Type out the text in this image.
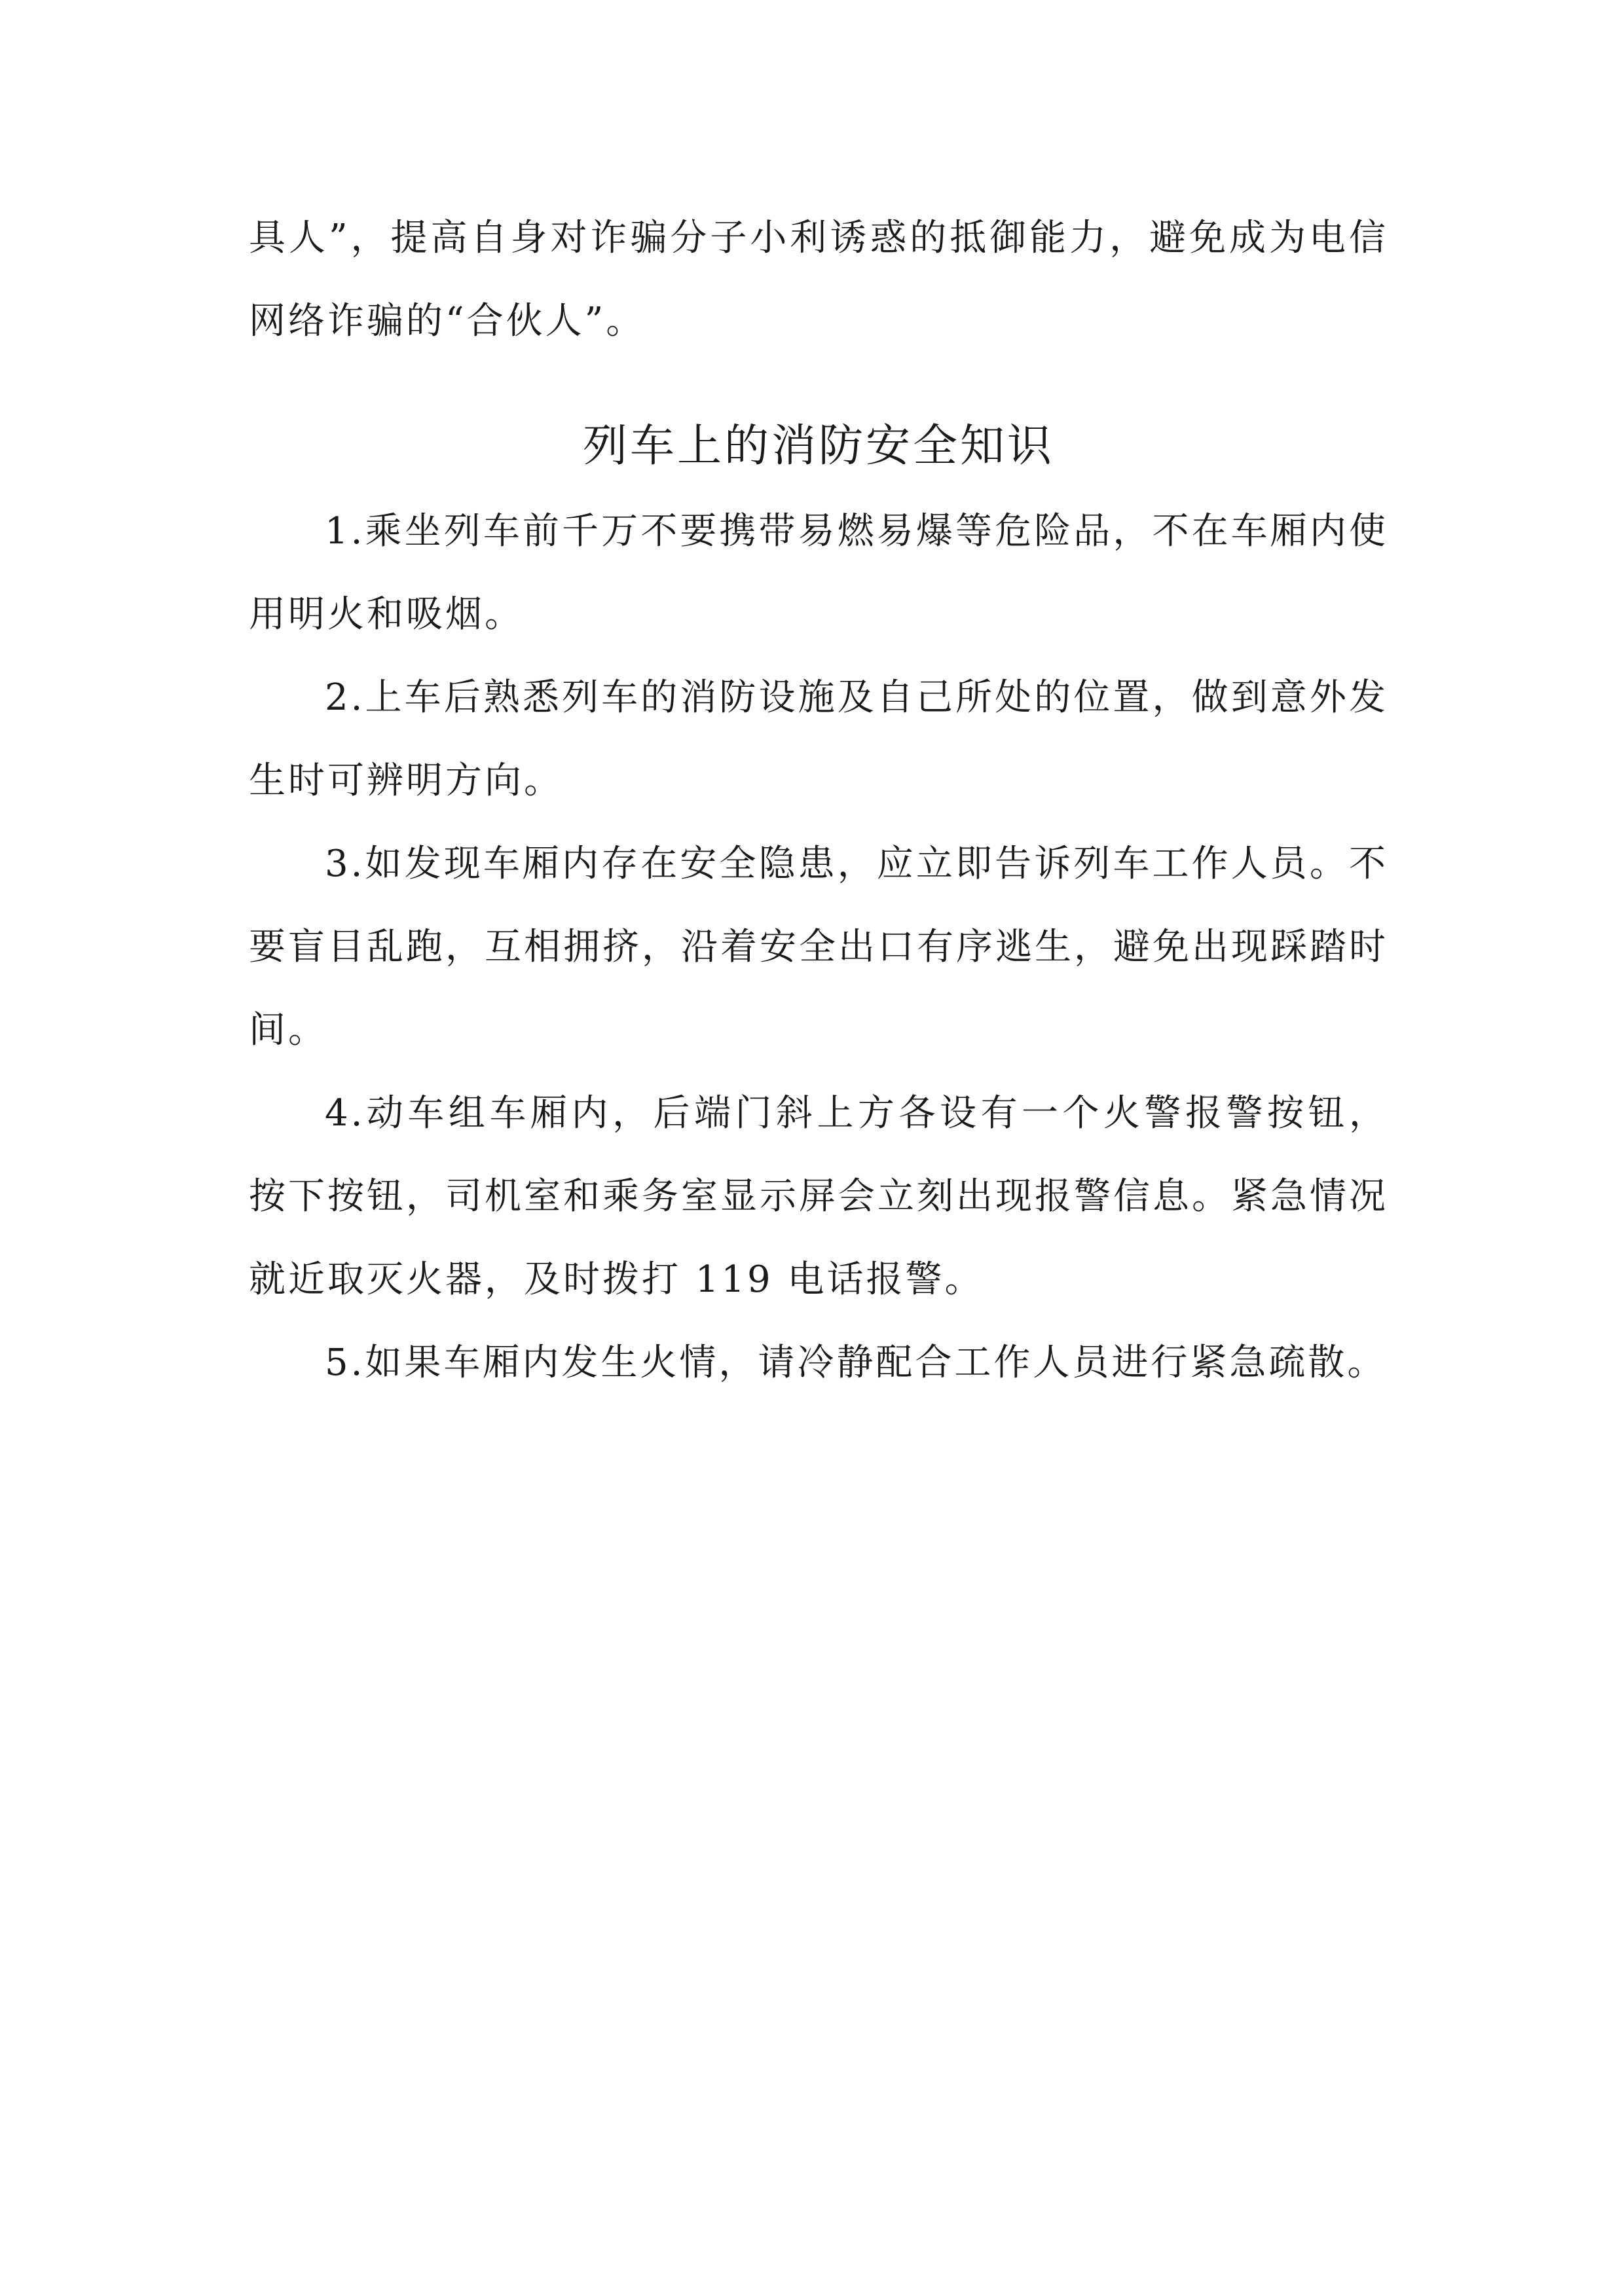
具人”，提高自身对诈骗分子小利诱惑的抵御能力，避免成为电信网络诈骗的“合伙人”。

列车上的消防安全知识

1.乘坐列车前千万不要携带易燃易爆等危险品，不在车厢内使用明火和吸烟。

2.上车后熟悉列车的消防设施及自己所处的位置，做到意外发生时可辨明方向。

3.如发现车厢内存在安全隐患，应立即告诉列车工作人员。不要盲目乱跑，互相拥挤，沿着安全出口有序逃生，避免出现踩踏时间。

4.动车组车厢内，后端门斜上方各设有一个火警报警按钮， 按下按钮，司机室和乘务室显示屏会立刻出现报警信息。紧急情况就近取灭火器，及时拨打 119 电话报警。

5.如果车厢内发生火情，请冷静配合工作人员进行紧急疏散。
